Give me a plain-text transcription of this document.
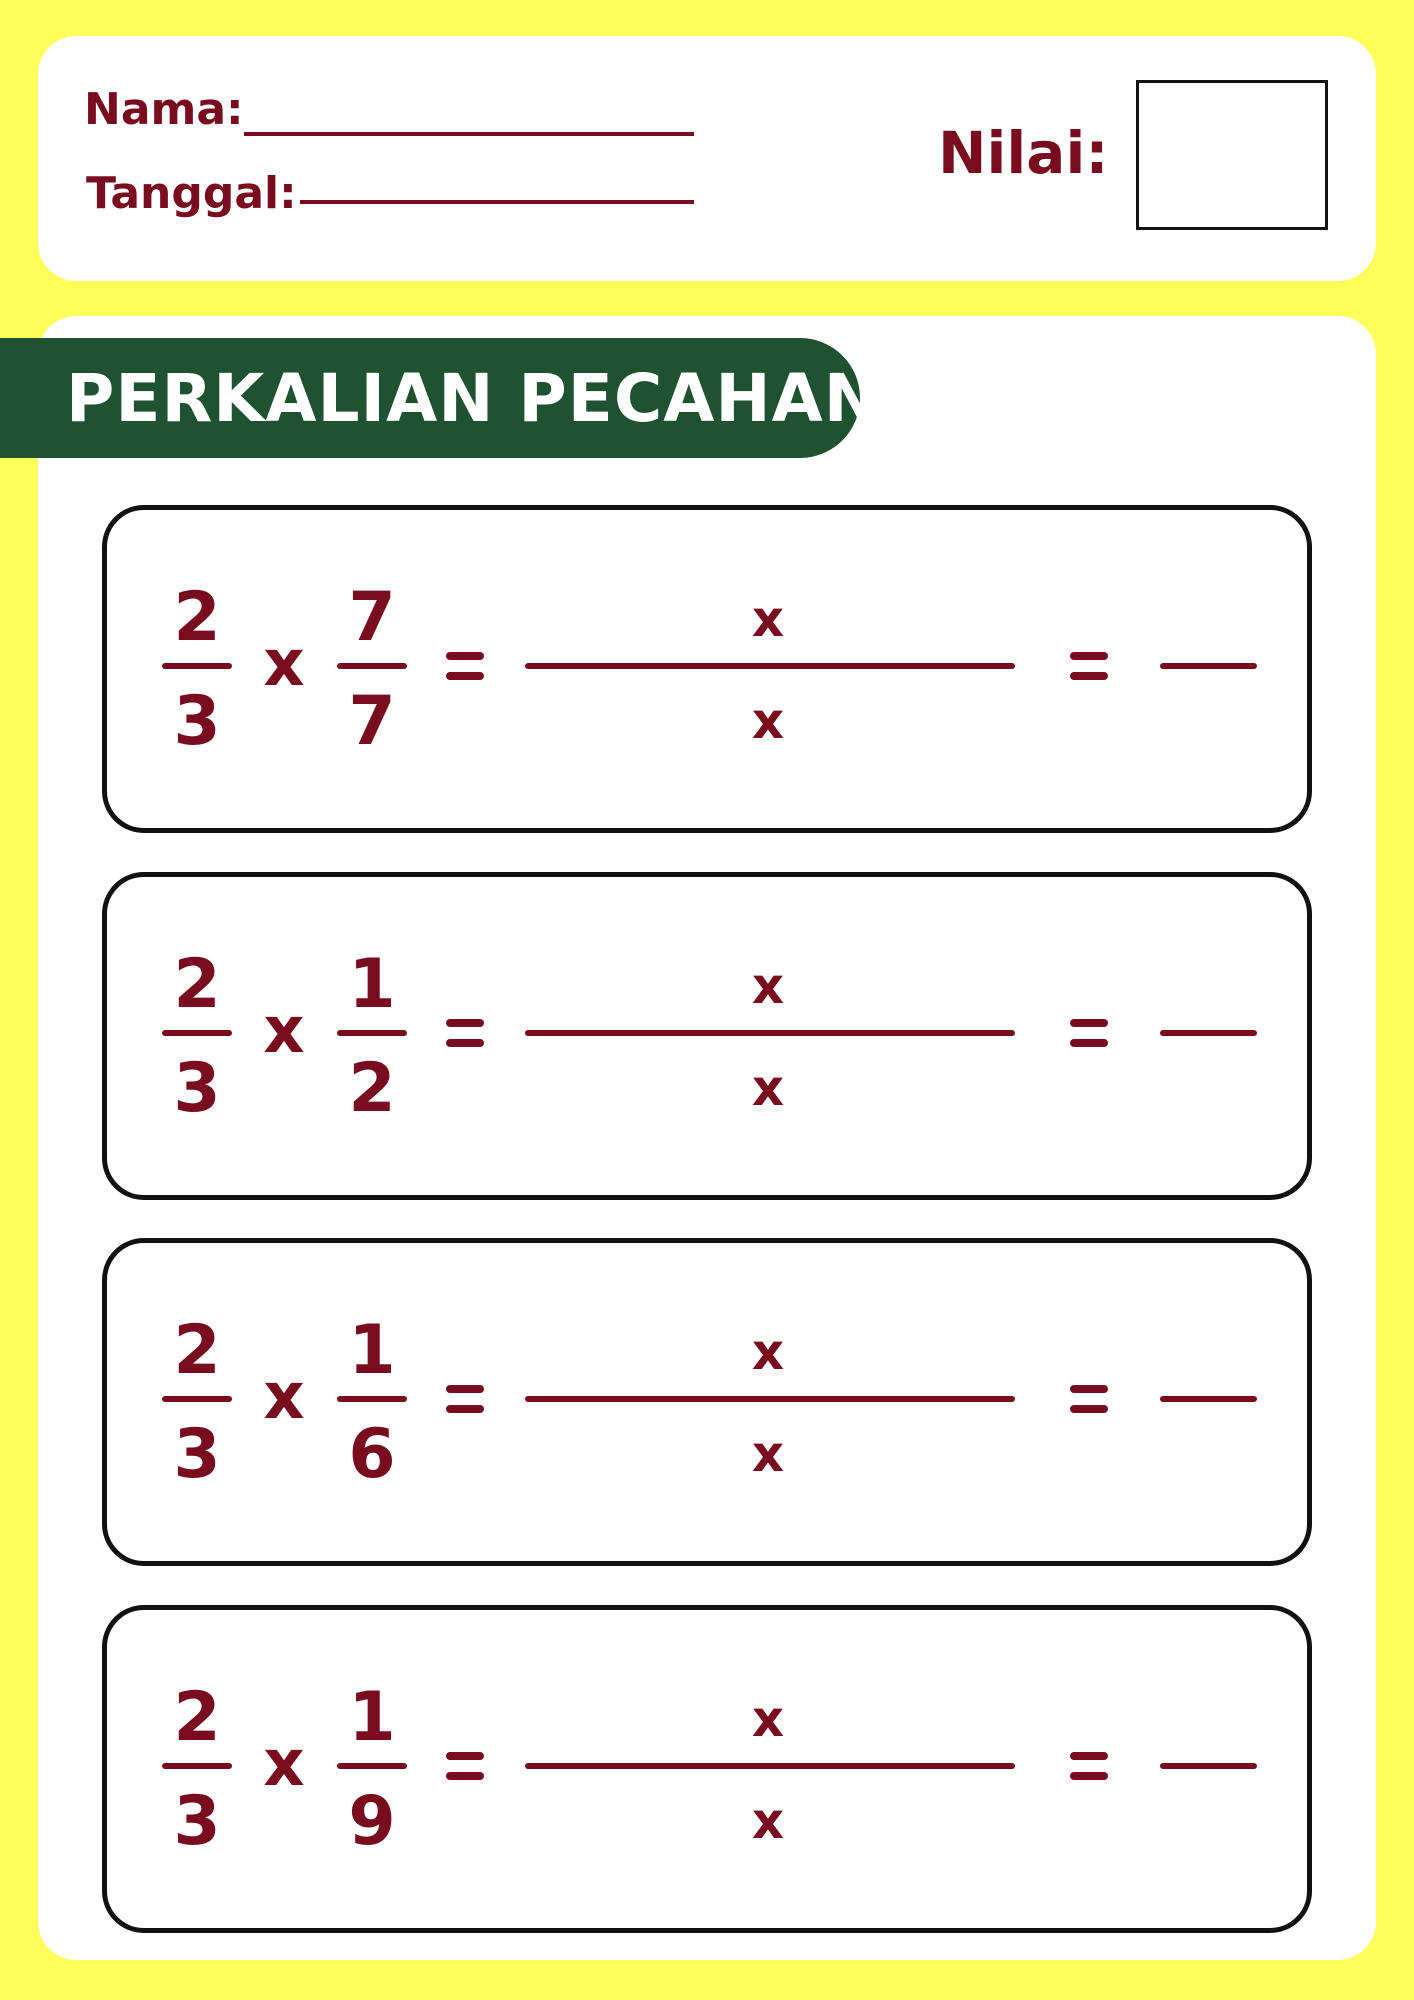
Nama:
Tanggal:
Nilai:
PERKALIAN PECAHAN
2
3
x
7
7
x
x
2
3
x
1
2
x
x
2
3
x
1
6
x
x
2
3
x
1
9
x
x
